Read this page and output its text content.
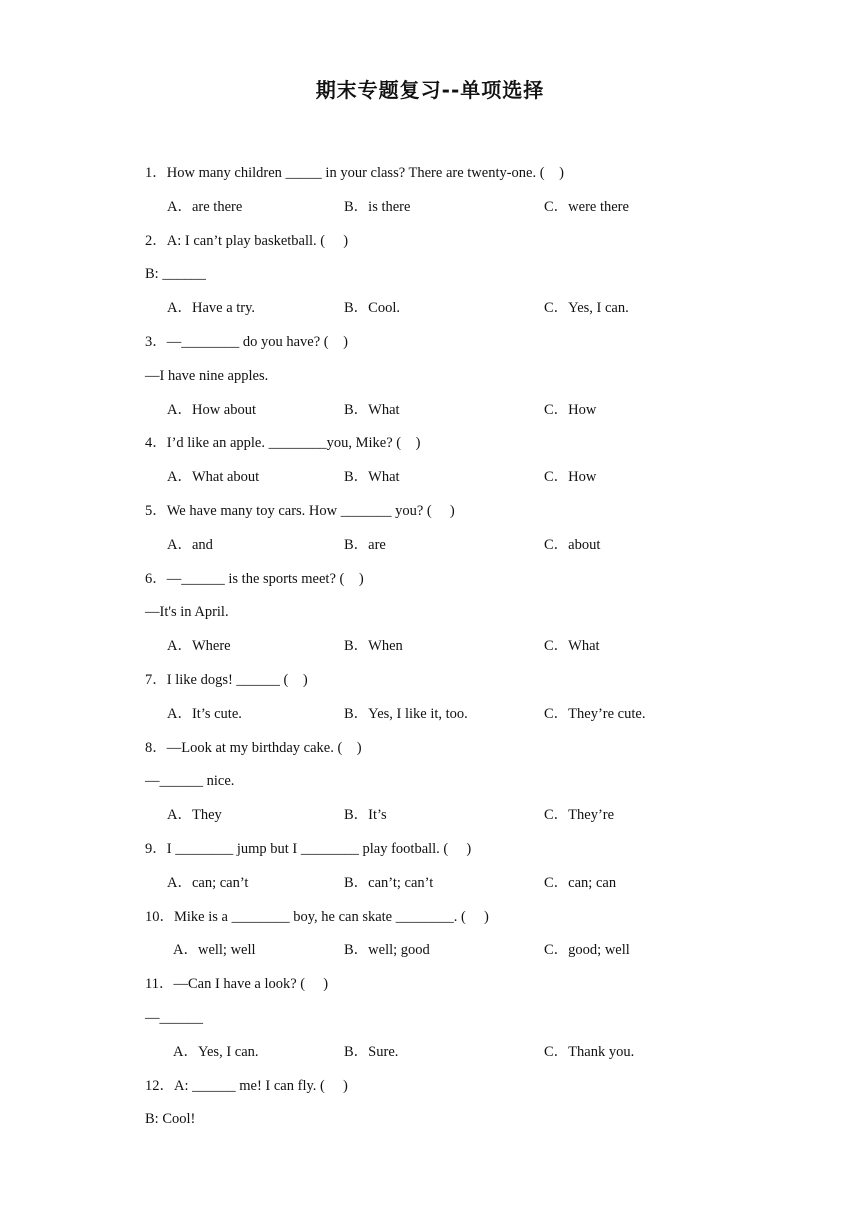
期末专题复习--单项选择
1．How many children _____ in your class? There are twenty-one. (    )
A．are there	B．is there	C．were there
2．A: I can’t play basketball. (     )
B: ______
A．Have a try.	B．Cool.	C．Yes, I can.
3．—________ do you have? (    )
—I have nine apples.
A．How about	B．What	C．How
4．I’d like an apple. ________you, Mike? (    )
A．What about	B．What	C．How
5．We have many toy cars. How _______ you? (     )
A．and	B．are	C．about
6．—______ is the sports meet? (    )
—It's in April.
A．Where	B．When	C．What
7．I like dogs! ______ (    )
A．It’s cute.	B．Yes, I like it, too.	C．They’re cute.
8．—Look at my birthday cake. (    )
—______ nice.
A．They	B．It’s	C．They’re
9．I ________ jump but I ________ play football. (     )
A．can; can’t	B．can’t; can’t	C．can; can
10．Mike is a ________ boy, he can skate ________. (     )
A．well; well	B．well; good	C．good; well
11．—Can I have a look? (     )
—______
A．Yes, I can.	B．Sure.	C．Thank you.
12．A: ______ me! I can fly. (     )
B: Cool!
